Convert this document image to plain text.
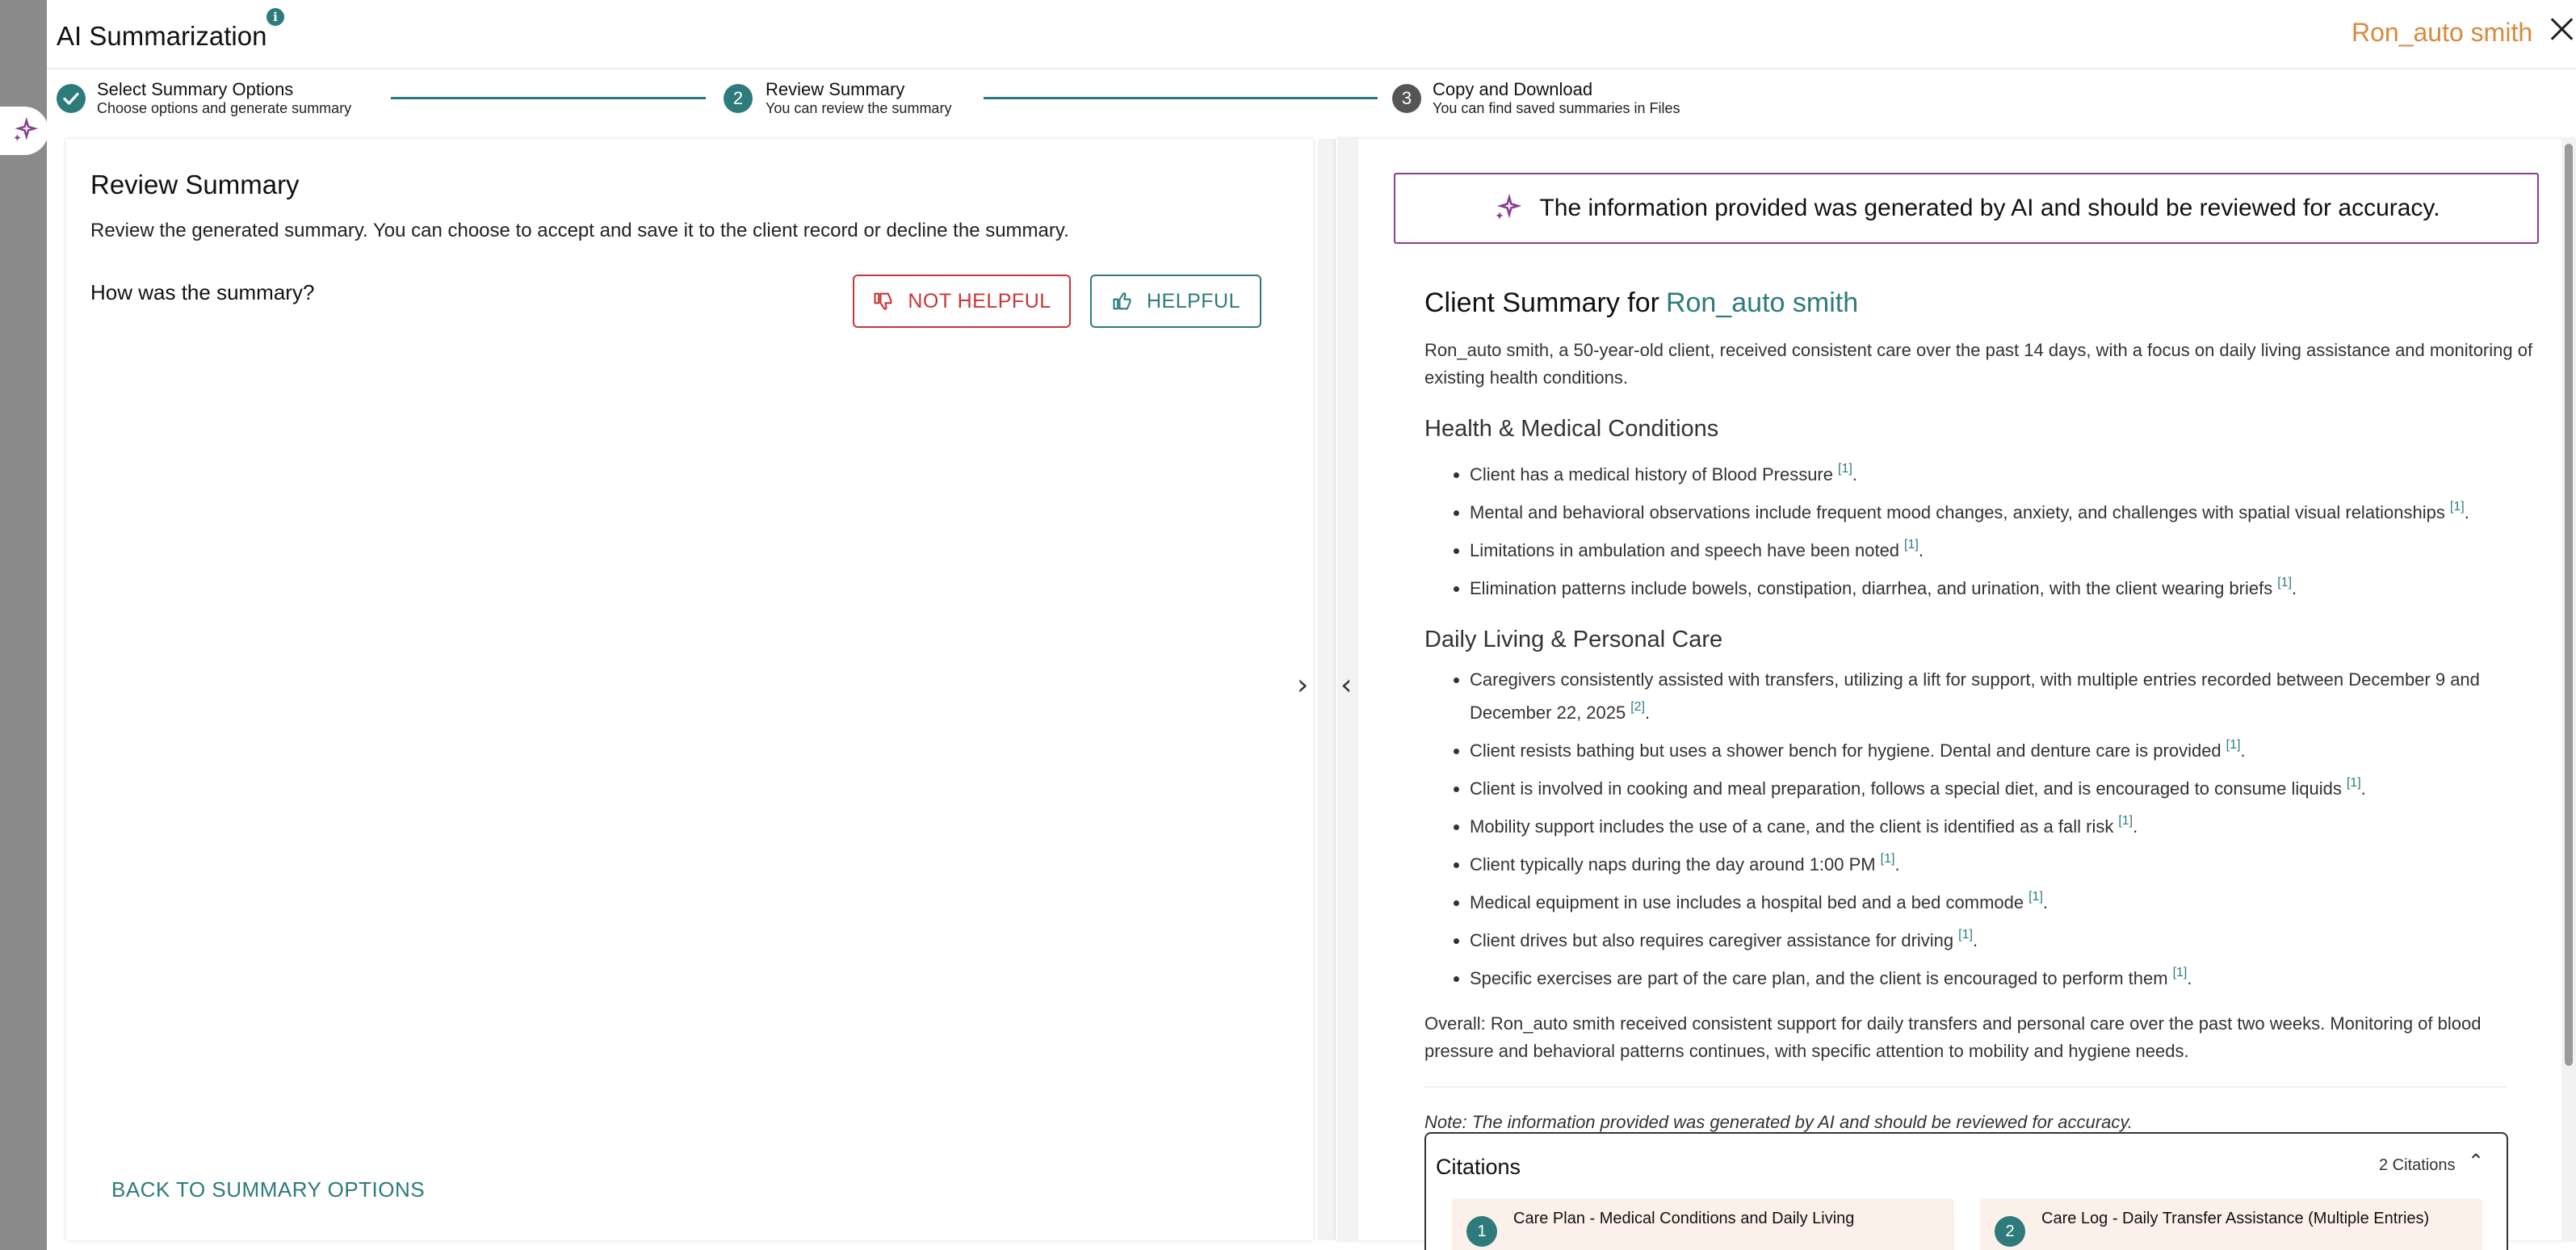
AI Summarization
i
Ron_auto smith
Select Summary Options
Choose options and generate summary	2	Review Summary
You can review the summary	3	Copy and Download
You can find saved summaries in Files
Review Summary
Review the generated summary. You can choose to accept and save it to the client record or decline the summary.
How was the summary?	NOT HELPFUL	HELPFUL
BACK TO SUMMARY OPTIONS
› ‹
The information provided was generated by AI and should be reviewed for accuracy.
Client Summary for Ron_auto smith
Ron_auto smith, a 50-year-old client, received consistent care over the past 14 days, with a focus on daily living assistance and monitoring of existing health conditions.
Health & Medical Conditions
• Client has a medical history of Blood Pressure [1].
• Mental and behavioral observations include frequent mood changes, anxiety, and challenges with spatial visual relationships [1].
• Limitations in ambulation and speech have been noted [1].
• Elimination patterns include bowels, constipation, diarrhea, and urination, with the client wearing briefs [1].
Daily Living & Personal Care
• Caregivers consistently assisted with transfers, utilizing a lift for support, with multiple entries recorded between December 9 and December 22, 2025 [2].
• Client resists bathing but uses a shower bench for hygiene. Dental and denture care is provided [1].
• Client is involved in cooking and meal preparation, follows a special diet, and is encouraged to consume liquids [1].
• Mobility support includes the use of a cane, and the client is identified as a fall risk [1].
• Client typically naps during the day around 1:00 PM [1].
• Medical equipment in use includes a hospital bed and a bed commode [1].
• Client drives but also requires caregiver assistance for driving [1].
• Specific exercises are part of the care plan, and the client is encouraged to perform them [1].
Overall: Ron_auto smith received consistent support for daily transfers and personal care over the past two weeks. Monitoring of blood pressure and behavioral patterns continues, with specific attention to mobility and hygiene needs.
Note: The information provided was generated by AI and should be reviewed for accuracy.
Citations	2 Citations ⌃
1
Care Plan - Medical Conditions and Daily Living
2
Care Log - Daily Transfer Assistance (Multiple Entries)
